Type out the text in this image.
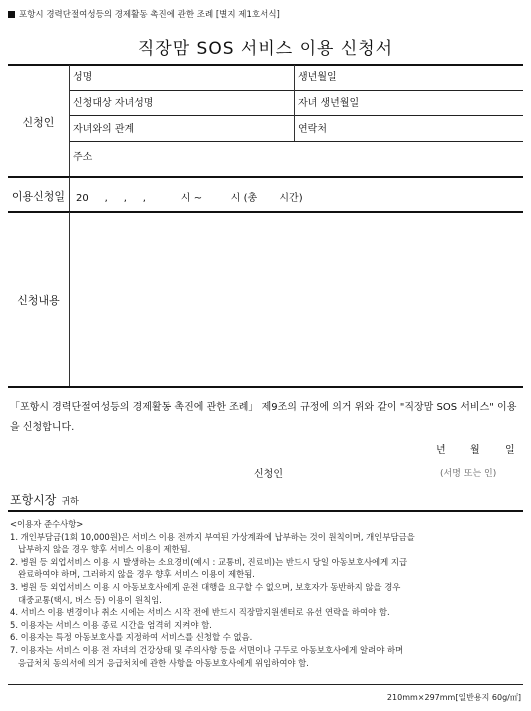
포항시 경력단절여성등의 경제활동 촉진에 관한 조례 [별지 제1호서식]
직장맘 SOS 서비스 이용 신청서
신청인
성명	생년월일
신청대상 자녀성명	자녀 생년월일
자녀와의 관계	연락처
주소
이용신청일	20     ,     ,     ,           시 ~         시 (총       시간)
신청내용
「포항시 경력단절여성등의 경제활동 촉진에 관한 조례」 제9조의 규정에 의거 위와 같이 "직장맘 SOS 서비스" 이용을 신청합니다.
년 월	일
신청인	(서명 또는 인)
포항시장 귀하

<이용자 준수사항>

1. 개인부담금(1회 10,000원)은 서비스 이용 전까지 부여된 가상계좌에 납부하는 것이 원칙이며, 개인부담금을

납부하지 않을 경우 향후 서비스 이용이 제한됨.

2. 병원 등 외업서비스 이용 시 발생하는 소요경비(예시 : 교통비, 진료비)는 반드시 당일 아동보호사에게 지급

완료하여야 하며, 그러하지 않을 경우 향후 서비스 이용이 제한됨.

3. 병원 등 외업서비스 이용 시 아동보호사에게 운전 대행을 요구할 수 없으며, 보호자가 동반하지 않을 경우

대중교통(택시, 버스 등) 이용이 원칙임.

4. 서비스 이용 변경이나 취소 시에는 서비스 시작 전에 반드시 직장맘지원센터로 유선 연락을 하여야 함.

5. 이용자는 서비스 이용 종료 시간을 엄격히 지켜야 함.

6. 이용자는 특정 아동보호사를 지정하여 서비스를 신청할 수 없음.

7. 이용자는 서비스 이용 전 자녀의 건강상태 및 주의사항 등을 서면이나 구두로 아동보호사에게 알려야 하며

응급처치 동의서에 의거 응급처치에 관한 사항을 아동보호사에게 위임하여야 함.

210mm×297mm[일반용지 60g/㎡]
